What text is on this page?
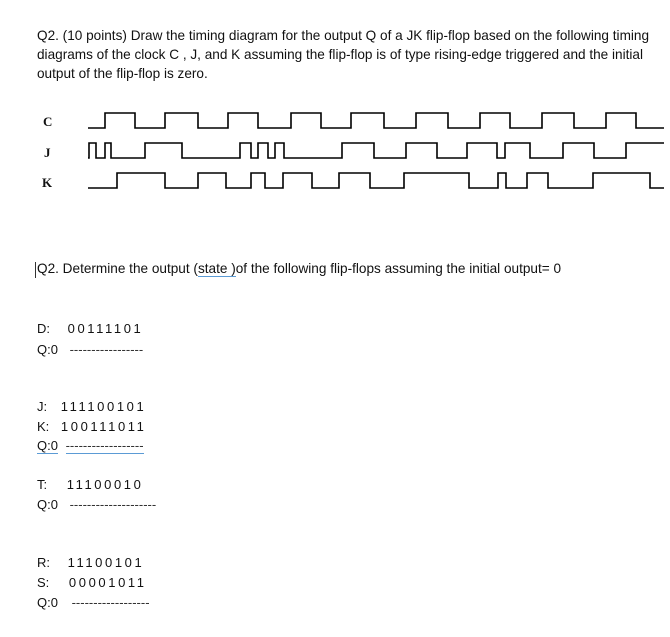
Q2. (10 points) Draw the timing diagram for the output Q of a JK flip-flop based on the following timing diagrams of the clock C , J, and K assuming the flip-flop is of type rising-edge triggered and the initial output of the flip-flop is zero.
C
J
K
Q2. Determine the output (state )of the following flip-flops assuming the initial output= 0
D: 00111101
Q:0 -----------------
J: 111100101
K: 100111011
Q:0 ------------------
T: 11100010
Q:0 --------------------
R: 11100101
S: 00001011
Q:0 ------------------
